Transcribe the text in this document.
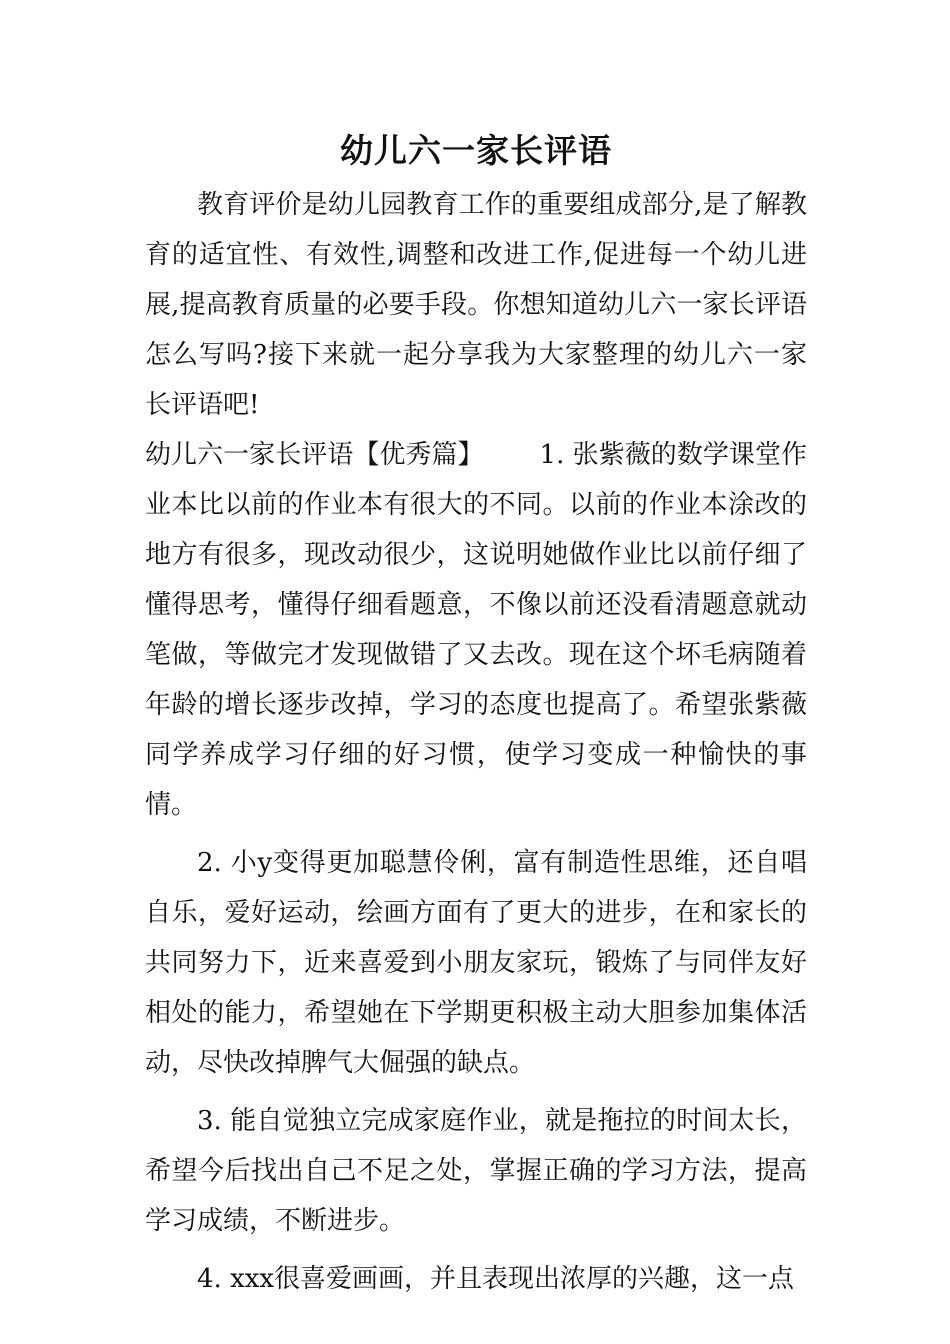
幼儿六一家长评语

教育评价是幼儿园教育工作的重要组成部分,是了解教育的适宜性、有效性,调整和改进工作,促进每一个幼儿进展,提高教育质量的必要手段。你想知道幼儿六一家长评语怎么写吗?接下来就一起分享我为大家整理的幼儿六一家长评语吧!

幼儿六一家长评语【优秀篇】 1. 张紫薇的数学课堂作业本比以前的作业本有很大的不同。以前的作业本涂改的地方有很多，现改动很少，这说明她做作业比以前仔细了懂得思考，懂得仔细看题意，不像以前还没看清题意就动笔做，等做完才发现做错了又去改。现在这个坏毛病随着年龄的增长逐步改掉，学习的态度也提高了。希望张紫薇同学养成学习仔细的好习惯，使学习变成一种愉快的事情。

2. 小y变得更加聪慧伶俐，富有制造性思维，还自唱自乐，爱好运动，绘画方面有了更大的进步，在和家长的共同努力下，近来喜爱到小朋友家玩，锻炼了与同伴友好相处的能力，希望她在下学期更积极主动大胆参加集体活动，尽快改掉脾气大倔强的缺点。

3. 能自觉独立完成家庭作业，就是拖拉的时间太长，希望今后找出自己不足之处，掌握正确的学习方法，提高学习成绩，不断进步。

4. xxx很喜爱画画，并且表现出浓厚的兴趣，这一点
